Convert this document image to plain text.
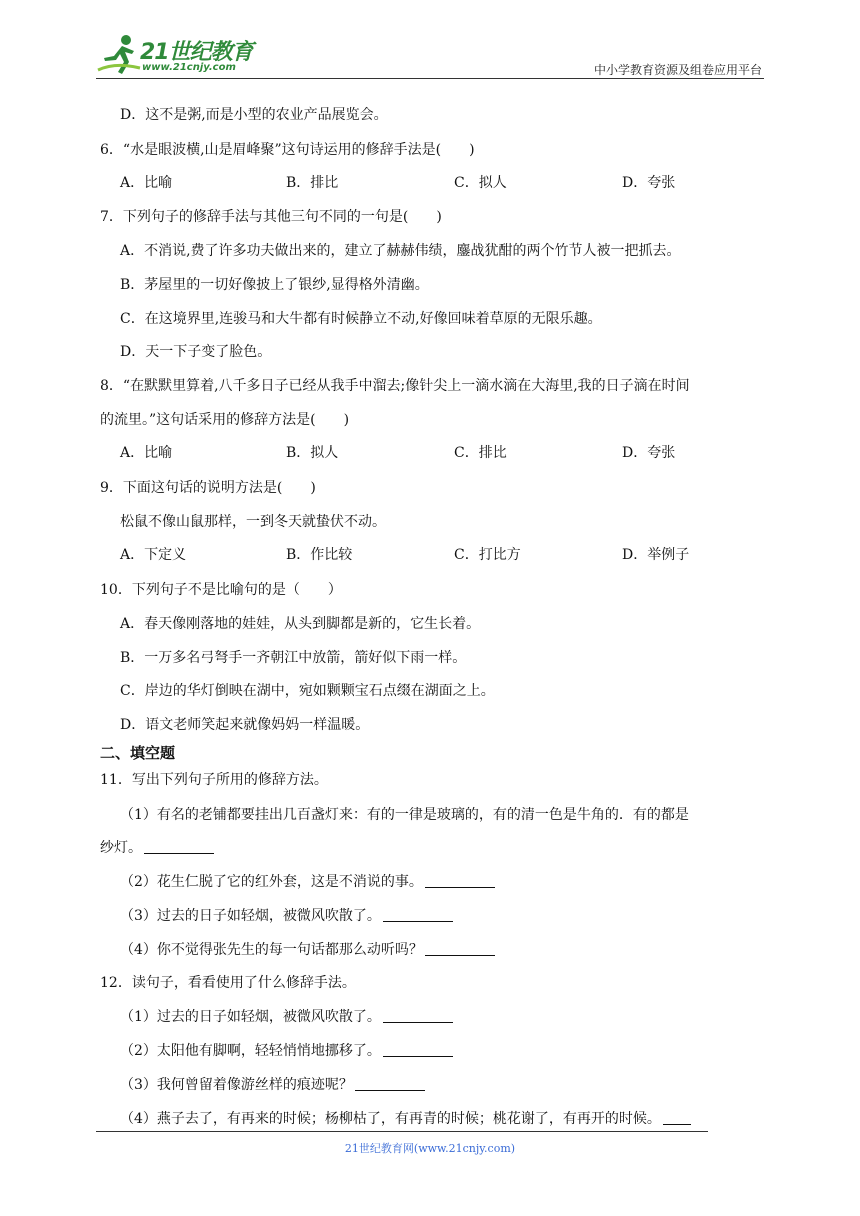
21世纪教育
www.21cnjy.com	中小学教育资源及组卷应用平台
D．这不是粥,而是小型的农业产品展览会。
6．“水是眼波横,山是眉峰聚”这句诗运用的修辞手法是(　　)
A．比喻	B．排比	C．拟人	D．夸张
7．下列句子的修辞手法与其他三句不同的一句是(　　)
A．不消说,费了许多功夫做出来的，建立了赫赫伟绩，鏖战犹酣的两个竹节人被一把抓去。
B．茅屋里的一切好像披上了银纱,显得格外清幽。
C．在这境界里,连骏马和大牛都有时候静立不动,好像回味着草原的无限乐趣。
D．天一下子变了脸色。
8．“在默默里算着,八千多日子已经从我手中溜去;像针尖上一滴水滴在大海里,我的日子滴在时间
的流里。”这句话采用的修辞方法是(　　)
A．比喻	B．拟人	C．排比	D．夸张
9．下面这句话的说明方法是(　　)
松鼠不像山鼠那样，一到冬天就蛰伏不动。
A．下定义	B．作比较	C．打比方	D．举例子
10．下列句子不是比喻句的是（　　）
A．春天像刚落地的娃娃，从头到脚都是新的，它生长着。
B．一万多名弓弩手一齐朝江中放箭，箭好似下雨一样。
C．岸边的华灯倒映在湖中，宛如颗颗宝石点缀在湖面之上。
D．语文老师笑起来就像妈妈一样温暖。
二、填空题
11．写出下列句子所用的修辞方法。
（1）有名的老铺都要挂出几百盏灯来：有的一律是玻璃的，有的清一色是牛角的．有的都是
纱灯。
（2）花生仁脱了它的红外套，这是不消说的事。
（3）过去的日子如轻烟，被微风吹散了。
（4）你不觉得张先生的每一句话都那么动听吗？
12．读句子，看看使用了什么修辞手法。
（1）过去的日子如轻烟，被微风吹散了。
（2）太阳他有脚啊，轻轻悄悄地挪移了。
（3）我何曾留着像游丝样的痕迹呢？
（4）燕子去了，有再来的时候；杨柳枯了，有再青的时候；桃花谢了，有再开的时候。
21世纪教育网(www.21cnjy.com)
